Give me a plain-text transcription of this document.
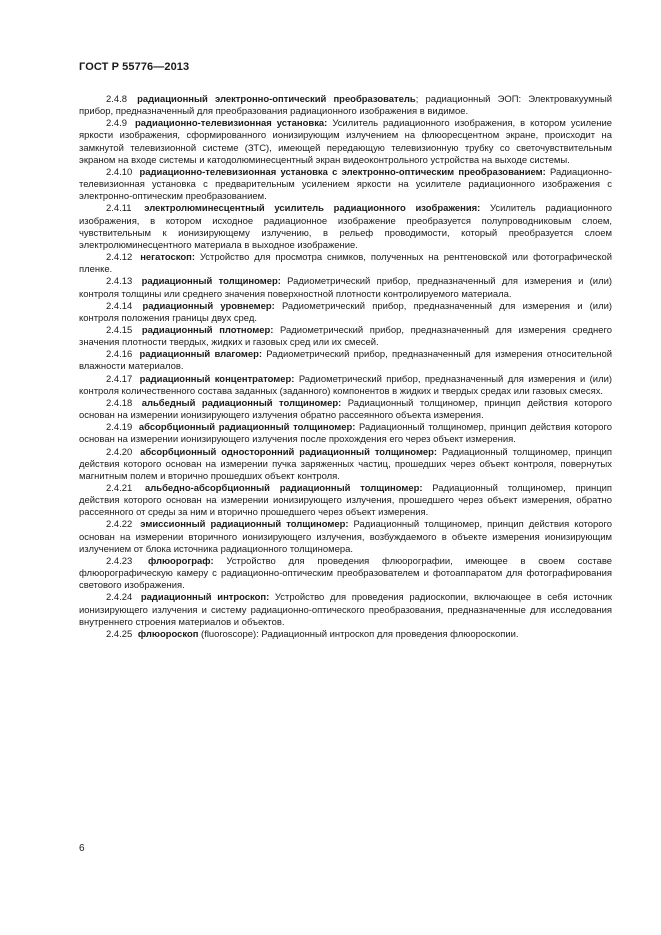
ГОСТ Р 55776—2013

2.4.8 радиационный электронно-оптический преобразователь; радиационный ЭОП: Электровакуумный прибор, предназначенный для преобразования радиационного изображения в видимое.

2.4.9 радиационно-телевизионная установка: Усилитель радиационного изображения, в котором усиление яркости изображения, сформированного ионизирующим излучением на флюоресцентном экране, происходит на замкнутой телевизионной системе (ЗТС), имеющей передающую телевизионную трубку со светочувствительным экраном на входе системы и катодолюминесцентный экран видеоконтрольного устройства на выходе системы.

2.4.10 радиационно-телевизионная установка с электронно-оптическим преобразованием: Радиационно-телевизионная установка с предварительным усилением яркости на усилителе радиационного изображения с электронно-оптическим преобразованием.

2.4.11 электролюминесцентный усилитель радиационного изображения: Усилитель радиационного изображения, в котором исходное радиационное изображение преобразуется полупроводниковым слоем, чувствительным к ионизирующему излучению, в рельеф проводимости, который преобразуется слоем электролюминесцентного материала в выходное изображение.

2.4.12 негатоскоп: Устройство для просмотра снимков, полученных на рентгеновской или фотографической пленке.

2.4.13 радиационный толщиномер: Радиометрический прибор, предназначенный для измерения и (или) контроля толщины или среднего значения поверхностной плотности контролируемого материала.

2.4.14 радиационный уровнемер: Радиометрический прибор, предназначенный для измерения и (или) контроля положения границы двух сред.

2.4.15 радиационный плотномер: Радиометрический прибор, предназначенный для измерения среднего значения плотности твердых, жидких и газовых сред или их смесей.

2.4.16 радиационный влагомер: Радиометрический прибор, предназначенный для измерения относительной влажности материалов.

2.4.17 радиационный концентратомер: Радиометрический прибор, предназначенный для измерения и (или) контроля количественного состава заданных (заданного) компонентов в жидких и твердых средах или газовых смесях.

2.4.18 альбедный радиационный толщиномер: Радиационный толщиномер, принцип действия которого основан на измерении ионизирующего излучения обратно рассеянного объекта измерения.

2.4.19 абсорбционный радиационный толщиномер: Радиационный толщиномер, принцип действия которого основан на измерении ионизирующего излучения после прохождения его через объект измерения.

2.4.20 абсорбционный односторонний радиационный толщиномер: Радиационный толщиномер, принцип действия которого основан на измерении пучка заряженных частиц, прошедших через объект контроля, повернутых магнитным полем и вторично прошедших объект контроля.

2.4.21 альбедно-абсорбционный радиационный толщиномер: Радиационный толщиномер, принцип действия которого основан на измерении ионизирующего излучения, прошедшего через объект измерения, обратно рассеянного от среды за ним и вторично прошедшего через объект измерения.

2.4.22 эмиссионный радиационный толщиномер: Радиационный толщиномер, принцип действия которого основан на измерении вторичного ионизирующего излучения, возбуждаемого в объекте измерения ионизирующим излучением от блока источника радиационного толщиномера.

2.4.23 флюорограф: Устройство для проведения флюорографии, имеющее в своем составе флюорографическую камеру с радиационно-оптическим преобразователем и фотоаппаратом для фотографирования светового изображения.

2.4.24 радиационный интроскоп: Устройство для проведения радиоскопии, включающее в себя источник ионизирующего излучения и систему радиационно-оптического преобразования, предназначенные для исследования внутреннего строения материалов и объектов.

2.4.25 флюороскоп (fluoroscope): Радиационный интроскоп для проведения флюороскопии.

6
